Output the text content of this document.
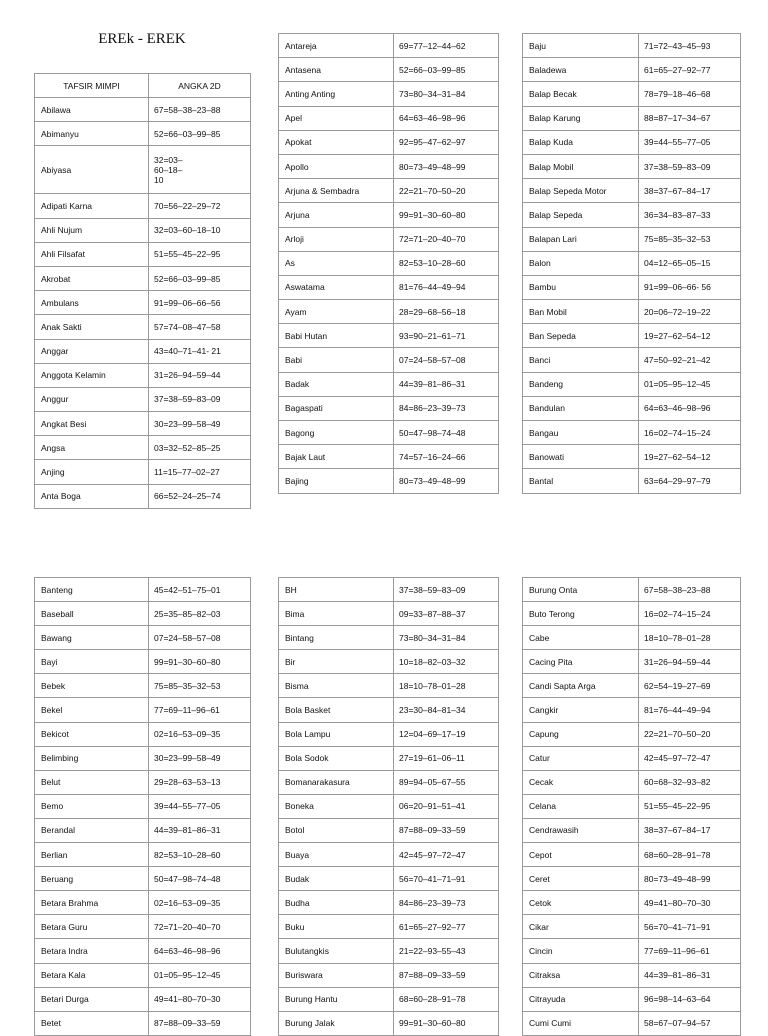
EREk - EREK
TAFSIR MIMPI	ANGKA 2D
Abilawa	67=58–38–23–88
Abimanyu	52=66–03–99–85
Abiyasa	32=03–
60–18–
10
Adipati Karna	70=56–22–29–72
Ahli Nujum	32=03–60–18–10
Ahli Filsafat	51=55–45–22–95
Akrobat	52=66–03–99–85
Ambulans	91=99–06–66–56
Anak Sakti	57=74–08–47–58
Anggar	43=40–71–41- 21
Anggota Kelamin	31=26–94–59–44
Anggur	37=38–59–83–09
Angkat Besi	30=23–99–58–49
Angsa	03=32–52–85–25
Anjing	11=15–77–02–27
Anta Boga	66=52–24–25–74
Antareja	69=77–12–44–62
Antasena	52=66–03–99–85
Anting Anting	73=80–34–31–84
Apel	64=63–46–98–96
Apokat	92=95–47–62–97
Apollo	80=73–49–48–99
Arjuna & Sembadra	22=21–70–50–20
Arjuna	99=91–30–60–80
Arloji	72=71–20–40–70
As	82=53–10–28–60
Aswatama	81=76–44–49–94
Ayam	28=29–68–56–18
Babi Hutan	93=90–21–61–71
Babi	07=24–58–57–08
Badak	44=39–81–86–31
Bagaspati	84=86–23–39–73
Bagong	50=47–98–74–48
Bajak Laut	74=57–16–24–66
Bajing	80=73–49–48–99
Baju	71=72–43–45–93
Baladewa	61=65–27–92–77
Balap Becak	78=79–18–46–68
Balap Karung	88=87–17–34–67
Balap Kuda	39=44–55–77–05
Balap Mobil	37=38–59–83–09
Balap Sepeda Motor	38=37–67–84–17
Balap Sepeda	36=34–83–87–33
Balapan Lari	75=85–35–32–53
Balon	04=12–65–05–15
Bambu	91=99–06–66- 56
Ban Mobil	20=06–72–19–22
Ban Sepeda	19=27–62–54–12
Banci	47=50–92–21–42
Bandeng	01=05–95–12–45
Bandulan	64=63–46–98–96
Bangau	16=02–74–15–24
Banowati	19=27–62–54–12
Bantal	63=64–29–97–79
Banteng	45=42–51–75–01
Baseball	25=35–85–82–03
Bawang	07=24–58–57–08
Bayi	99=91–30–60–80
Bebek	75=85–35–32–53
Bekel	77=69–11–96–61
Bekicot	02=16–53–09–35
Belimbing	30=23–99–58–49
Belut	29=28–63–53–13
Bemo	39=44–55–77–05
Berandal	44=39–81–86–31
Berlian	82=53–10–28–60
Beruang	50=47–98–74–48
Betara Brahma	02=16–53–09–35
Betara Guru	72=71–20–40–70
Betara Indra	64=63–46–98–96
Betara Kala	01=05–95–12–45
Betari Durga	49=41–80–70–30
Betet	87=88–09–33–59
BH	37=38–59–83–09
Bima	09=33–87–88–37
Bintang	73=80–34–31–84
Bir	10=18–82–03–32
Bisma	18=10–78–01–28
Bola Basket	23=30–84–81–34
Bola Lampu	12=04–69–17–19
Bola Sodok	27=19–61–06–11
Bomanarakasura	89=94–05–67–55
Boneka	06=20–91–51–41
Botol	87=88–09–33–59
Buaya	42=45–97–72–47
Budak	56=70–41–71–91
Budha	84=86–23–39–73
Buku	61=65–27–92–77
Bulutangkis	21=22–93–55–43
Buriswara	87=88–09–33–59
Burung Hantu	68=60–28–91–78
Burung Jalak	99=91–30–60–80
Burung Onta	67=58–38–23–88
Buto Terong	16=02–74–15–24
Cabe	18=10–78–01–28
Cacing Pita	31=26–94–59–44
Candi Sapta Arga	62=54–19–27–69
Cangkir	81=76–44–49–94
Capung	22=21–70–50–20
Catur	42=45–97–72–47
Cecak	60=68–32–93–82
Celana	51=55–45–22–95
Cendrawasih	38=37–67–84–17
Cepot	68=60–28–91–78
Ceret	80=73–49–48–99
Cetok	49=41–80–70–30
Cikar	56=70–41–71–91
Cincin	77=69–11–96–61
Citraksa	44=39–81–86–31
Citrayuda	96=98–14–63–64
Cumi Cumi	58=67–07–94–57
